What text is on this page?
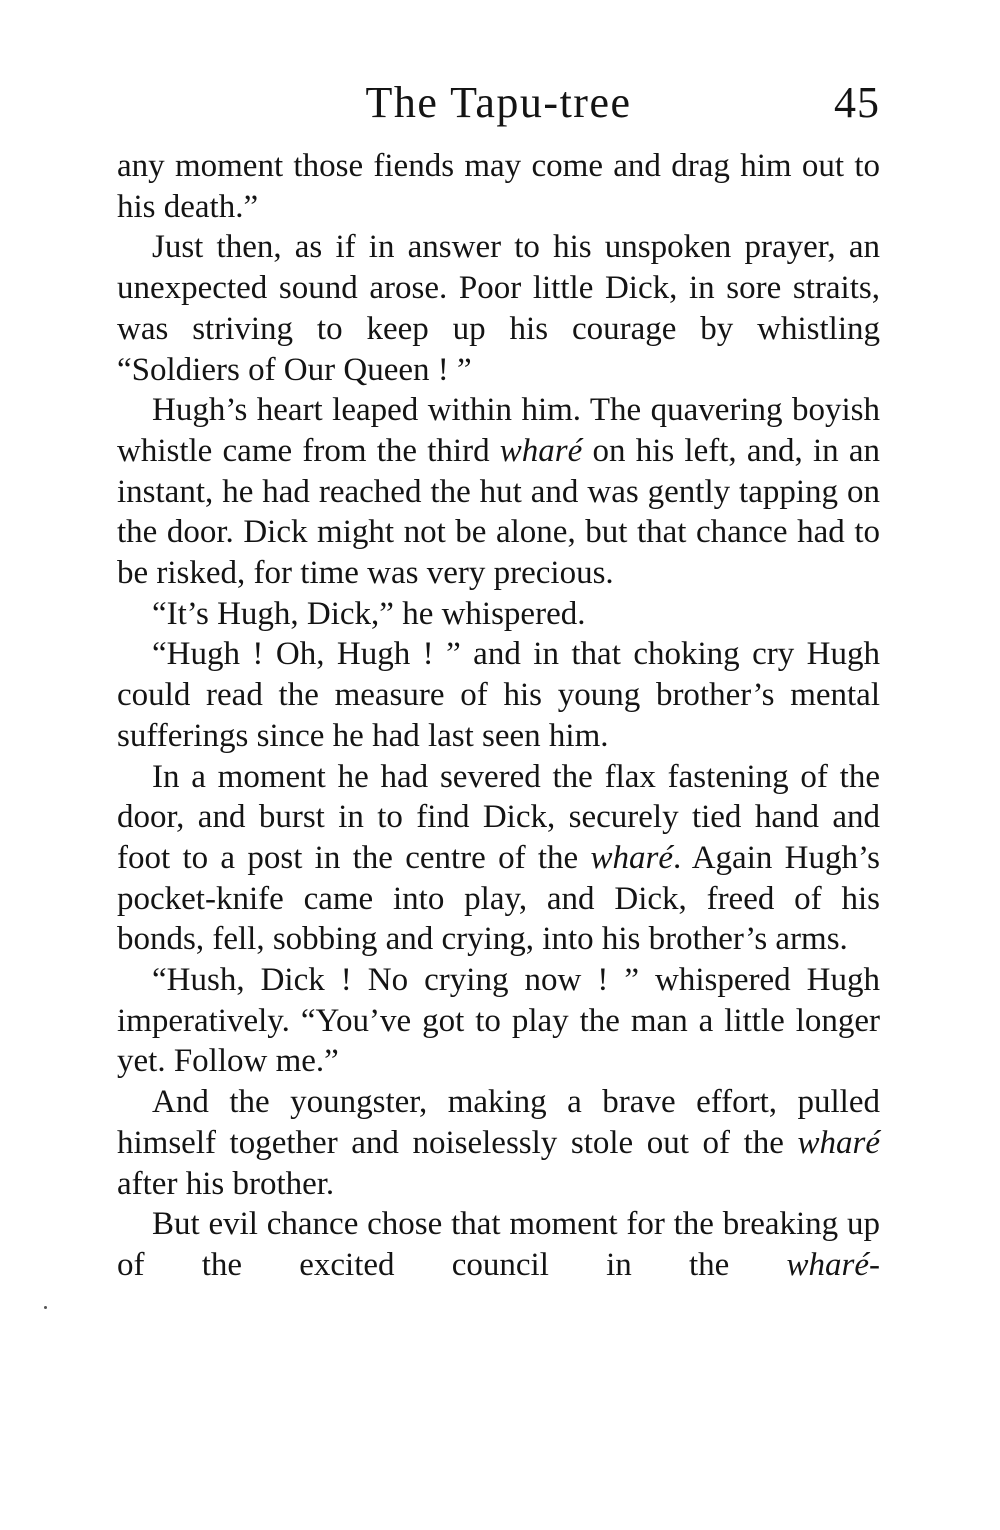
The Tapu-tree	45

any moment those fiends may come and drag him out to his death.”

Just then, as if in answer to his unspoken prayer, an unexpected sound arose. Poor little Dick, in sore straits, was striving to keep up his courage by whistling “Soldiers of Our Queen ! ”

Hugh’s heart leaped within him. The quavering boyish whistle came from the third wharé on his left, and, in an instant, he had reached the hut and was gently tapping on the door. Dick might not be alone, but that chance had to be risked, for time was very precious.

“It’s Hugh, Dick,” he whispered.

“Hugh ! Oh, Hugh ! ” and in that choking cry Hugh could read the measure of his young brother’s mental sufferings since he had last seen him.

In a moment he had severed the flax fastening of the door, and burst in to find Dick, securely tied hand and foot to a post in the centre of the wharé. Again Hugh’s pocket-knife came into play, and Dick, freed of his bonds, fell, sobbing and crying, into his brother’s arms.

“Hush, Dick ! No crying now ! ” whispered Hugh imperatively. “You’ve got to play the man a little longer yet. Follow me.”

And the youngster, making a brave effort, pulled himself together and noiselessly stole out of the wharé after his brother.

But evil chance chose that moment for the breaking up of the excited council in the wharé-
